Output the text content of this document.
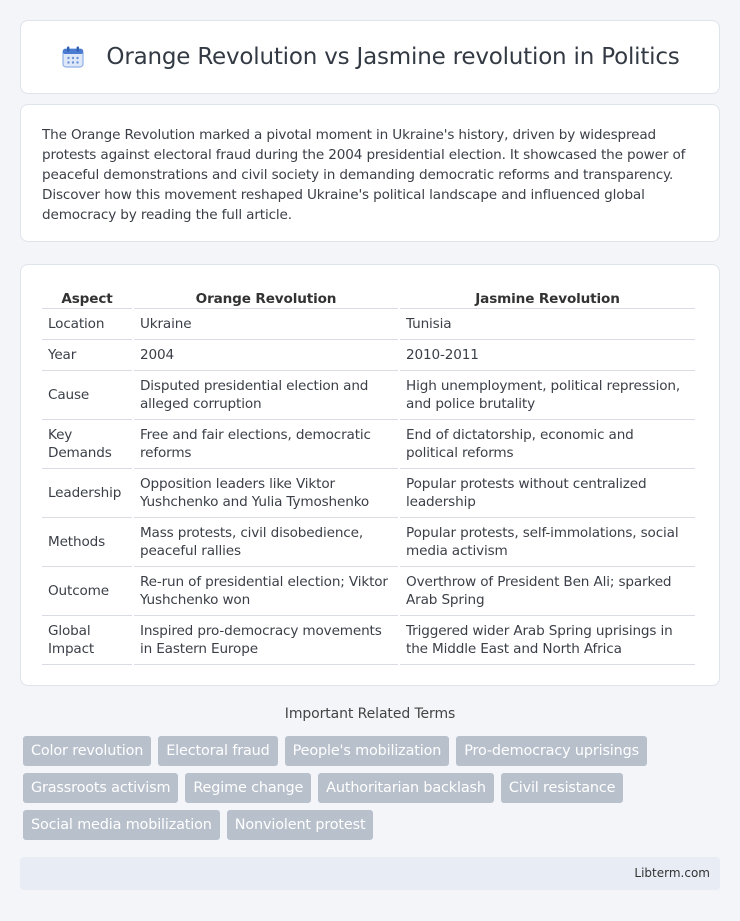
Orange Revolution vs Jasmine revolution in Politics

The Orange Revolution marked a pivotal moment in Ukraine's history, driven by widespread protests against electoral fraud during the 2004 presidential election. It showcased the power of peaceful demonstrations and civil society in demanding democratic reforms and transparency. Discover how this movement reshaped Ukraine's political landscape and influenced global democracy by reading the full article.

Aspect	Orange Revolution	Jasmine Revolution
Location	Ukraine	Tunisia
Year	2004	2010-2011
Cause	Disputed presidential election and alleged corruption	High unemployment, political repression, and police brutality
Key Demands	Free and fair elections, democratic reforms	End of dictatorship, economic and political reforms
Leadership	Opposition leaders like Viktor Yushchenko and Yulia Tymoshenko	Popular protests without centralized leadership
Methods	Mass protests, civil disobedience, peaceful rallies	Popular protests, self-immolations, social media activism
Outcome	Re-run of presidential election; Viktor Yushchenko won	Overthrow of President Ben Ali; sparked Arab Spring
Global Impact	Inspired pro-democracy movements in Eastern Europe	Triggered wider Arab Spring uprisings in the Middle East and North Africa
Important Related Terms
Color revolution	Electoral fraud	People's mobilization	Pro-democracy uprisings
Grassroots activism	Regime change	Authoritarian backlash	Civil resistance
Social media mobilization	Nonviolent protest
Libterm.com
